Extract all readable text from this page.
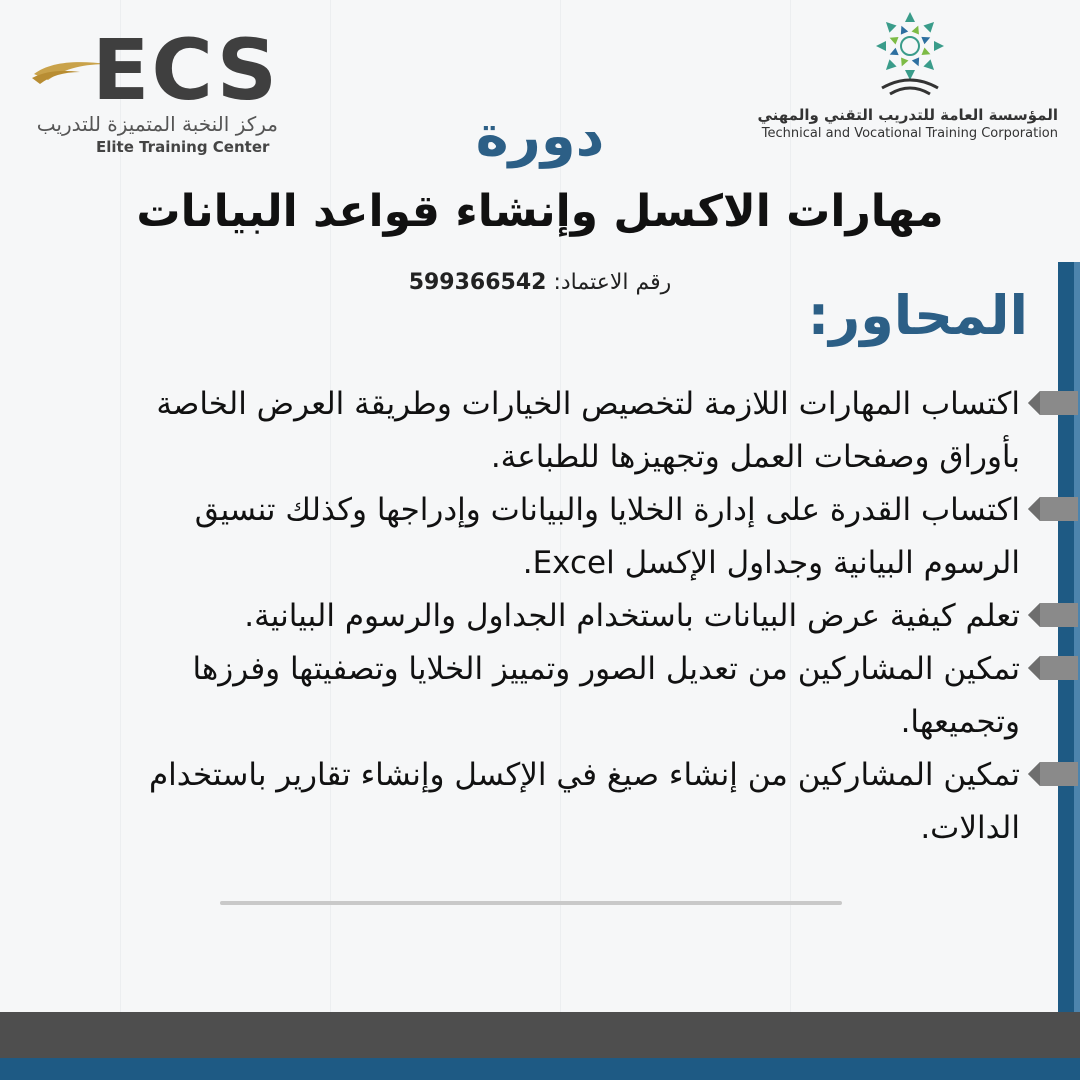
ECS
مركز النخبة المتميزة للتدريب
Elite Training Center
المؤسسة العامة للتدريب التقني والمهني
Technical and Vocational Training Corporation
دورة
مهارات الاكسل وإنشاء قواعد البيانات
رقم الاعتماد: 599366542
المحاور:
اكتساب المهارات اللازمة لتخصيص الخيارات وطريقة العرض الخاصة بأوراق وصفحات العمل وتجهيزها للطباعة.
اكتساب القدرة على إدارة الخلايا والبيانات وإدراجها وكذلك تنسيق الرسوم البيانية وجداول الإكسل Excel.
تعلم كيفية عرض البيانات باستخدام الجداول والرسوم البيانية.
تمكين المشاركين من تعديل الصور وتمييز الخلايا وتصفيتها وفرزها وتجميعها.
تمكين المشاركين من إنشاء صيغ في الإكسل وإنشاء تقارير باستخدام الدالات.
